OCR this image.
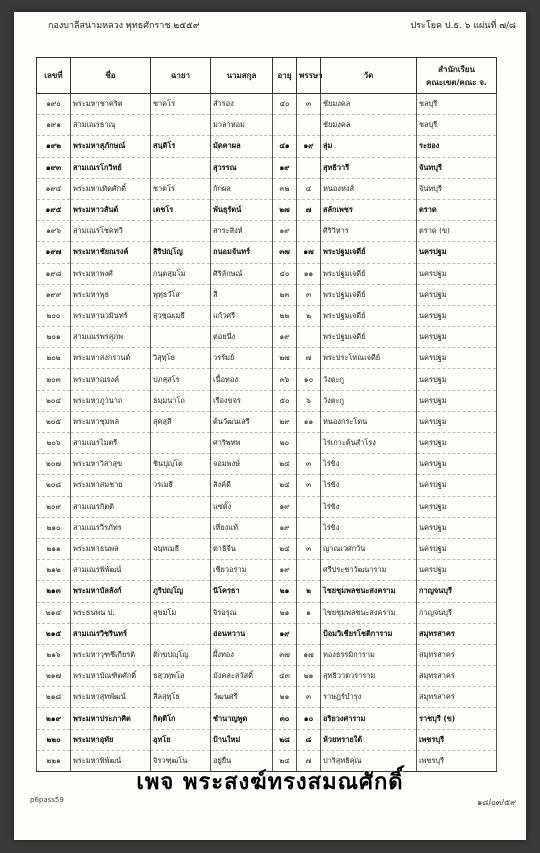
กองบาลีสนามหลวง พุทธศักราช ๒๕๕๙	ประโยค ป.ธ. ๖ แผ่นที่ ๗/๘
เลขที่	ชื่อ	ฉายา	นามสกุล	อายุ	พรรษา	วัด	สำนักเรียน
คณะเขต/คณะ จ.

๑๙๐	พระมหาชาคริต	ชาคโร	สำรอง	๔๐	๓	ชัยมงคล	ชลบุรี
๑๙๑	สามเณรธาณุ		มาลาหอม			ชัยมงคล	ชลบุรี
๑๙๒	พระมหาสุภักษณ์	สนฺติโร	มัดคาผล	๔๑	๑๙	ลุ่ม	ระยอง
๑๙๓	สามเณรโกวิทย์		สุวรรณ	๑๙		สุทธิวารี	จันทบุรี
๑๙๔	พระมหาเทิดศักดิ์	ชาตโร	กักผล	๓๒	๔	หนองหงส์	จันทบุรี
๑๙๕	พระมหาวสันต์	เตชโร	พันธุรัตน์	๒๗	๗	สลักเพชร	ตราด
๑๙๖	สามเณรโชคทวี		สาระสิงห์	๑๙		ศิริวิหาร	ตราด (ข)
๑๙๗	พระมหาชัยณรงค์	สิริปญฺโญ	ถนอมจันทร์	๓๗	๑๗	พระปฐมเจดีย์	นครปฐม
๑๙๘	พระมหาพงศ์	กนฺตสฺมโม	ศิริลักษณ์	๔๐	๑๑	พระปฐมเจดีย์	นครปฐม
๑๙๙	พระมหาพุธ	พุทฺธวํโส	สี	๒๓	๓	พระปฐมเจดีย์	นครปฐม
๒๐๐	พระมหานวมินทร์	สุวชฺฌเมธี	แก้วศรี	๒๒	๒	พระปฐมเจดีย์	นครปฐม
๒๐๑	สามเณรพรสุภพ		ต่อยนึ่ง	๑๙		พระปฐมเจดีย์	นครปฐม
๒๐๒	พระมหาสงกรานต์	วิสุทฺโธ	วรรัมย์	๒๗	๗	พระประโทณเจดีย์	นครปฐม
๒๐๓	พระมหาณรงค์	ปภสฺสโร	เนื้อทอง	๓๖	๑๐	วังตะกู	นครปฐม
๒๐๔	พระมหาภูวนาถ	ธมฺมนาโถ	เรืองขจร	๕๐	๖	วังตะกู	นครปฐม
๒๐๕	พระมหาชุมพล	สุคสฺสี	ต้นวัฒนเสรี	๒๙	๑๑	หนองกระโดน	นครปฐม
๒๐๖	สามเณรไมตรี		ศาริพทพ	๒๐		ไร่เกาะต้นสำโรง	นครปฐม
๒๐๗	พระมหาวิสาสุข	ชินปุญฺโต	จอมพงษ์	๒๔	๓	ไร่ขิง	นครปฐม
๒๐๘	พระมหาสมชาย	วรเมธี	สิงค์ดี	๒๔	๓	ไร่ขิง	นครปฐม
๒๐๙	สามเณรกิตติ		แซ่ตั้ง	๑๙		ไร่ขิง	นครปฐม
๒๑๐	สามเณรวีรภัทร		เที่ยงแท้	๑๙		ไร่ขิง	นครปฐม
๒๑๑	พระมหาธนพล	จนฺทเมธี	ตาธิจีน	๒๔	๓	ญาณเวศกวัน	นครปฐม
๒๑๒	สามเณรพิพัฒน์		เชียวอร่าม	๑๙		ศรีประชาวัฒนาราม	นครปฐม
๒๑๓	พระมหาบัลลังก์	ภูริปญฺโญ	นิโครธา	๒๑	๒	ไชยชุมพลชนะสงคราม	กาญจนบุรี
๒๑๔	พระธนพน ป.	สุขมโม	จิรอรุณ	๒๑	๑	ไชยชุมพลชนะสงคราม	กาญจนบุรี
๒๑๕	สามเณรวิชรินทร์		อ่อนหวาน	๑๙		ป้อมวิเชียรโชติการาม	สมุทรสาคร
๒๑๖	พระมหาวุฑชีเกียรติ	ติกขปญฺโญ	ผึ้งทอง	๓๗	๑๗	ทองธรรมิการาม	สมุทรสาคร
๒๑๗	พระมหาบัณฑิตศักดิ์	ธสฺวทฺพโล	มังคละสวัสดิ์	๔๓	๒๑	สุทธิวาตวราราม	สมุทรสาคร
๒๑๘	พระมหาสุทพัฒน์	สีลสุทฺโธ	วัฒนศรี	๒๑	๓	ราษฎร์บำรุง	สมุทรสาคร
๒๑๙	พระมหาประภาศิต	กิตฺติโก	ชำนาญพูด	๓๐	๑๐	อริยวงศาราม	ราชบุรี (ข)
๒๒๐	พระมหาอุทัย	อุทโย	ป้านใหม่	๒๘	๘	ห้วยทรายใต้	เพชรบุรี
๒๒๑	พระมหาพิพัฒน์	จิรวฑฺฒโน	อยู่ยืน	๒๔	๗	ปาริสุทธิคุณ	เพชรบุรี
เพจ พระสงฆ์ทรงสมณศักดิ์
p6pass59	๑๘/๐๓/๕๙
